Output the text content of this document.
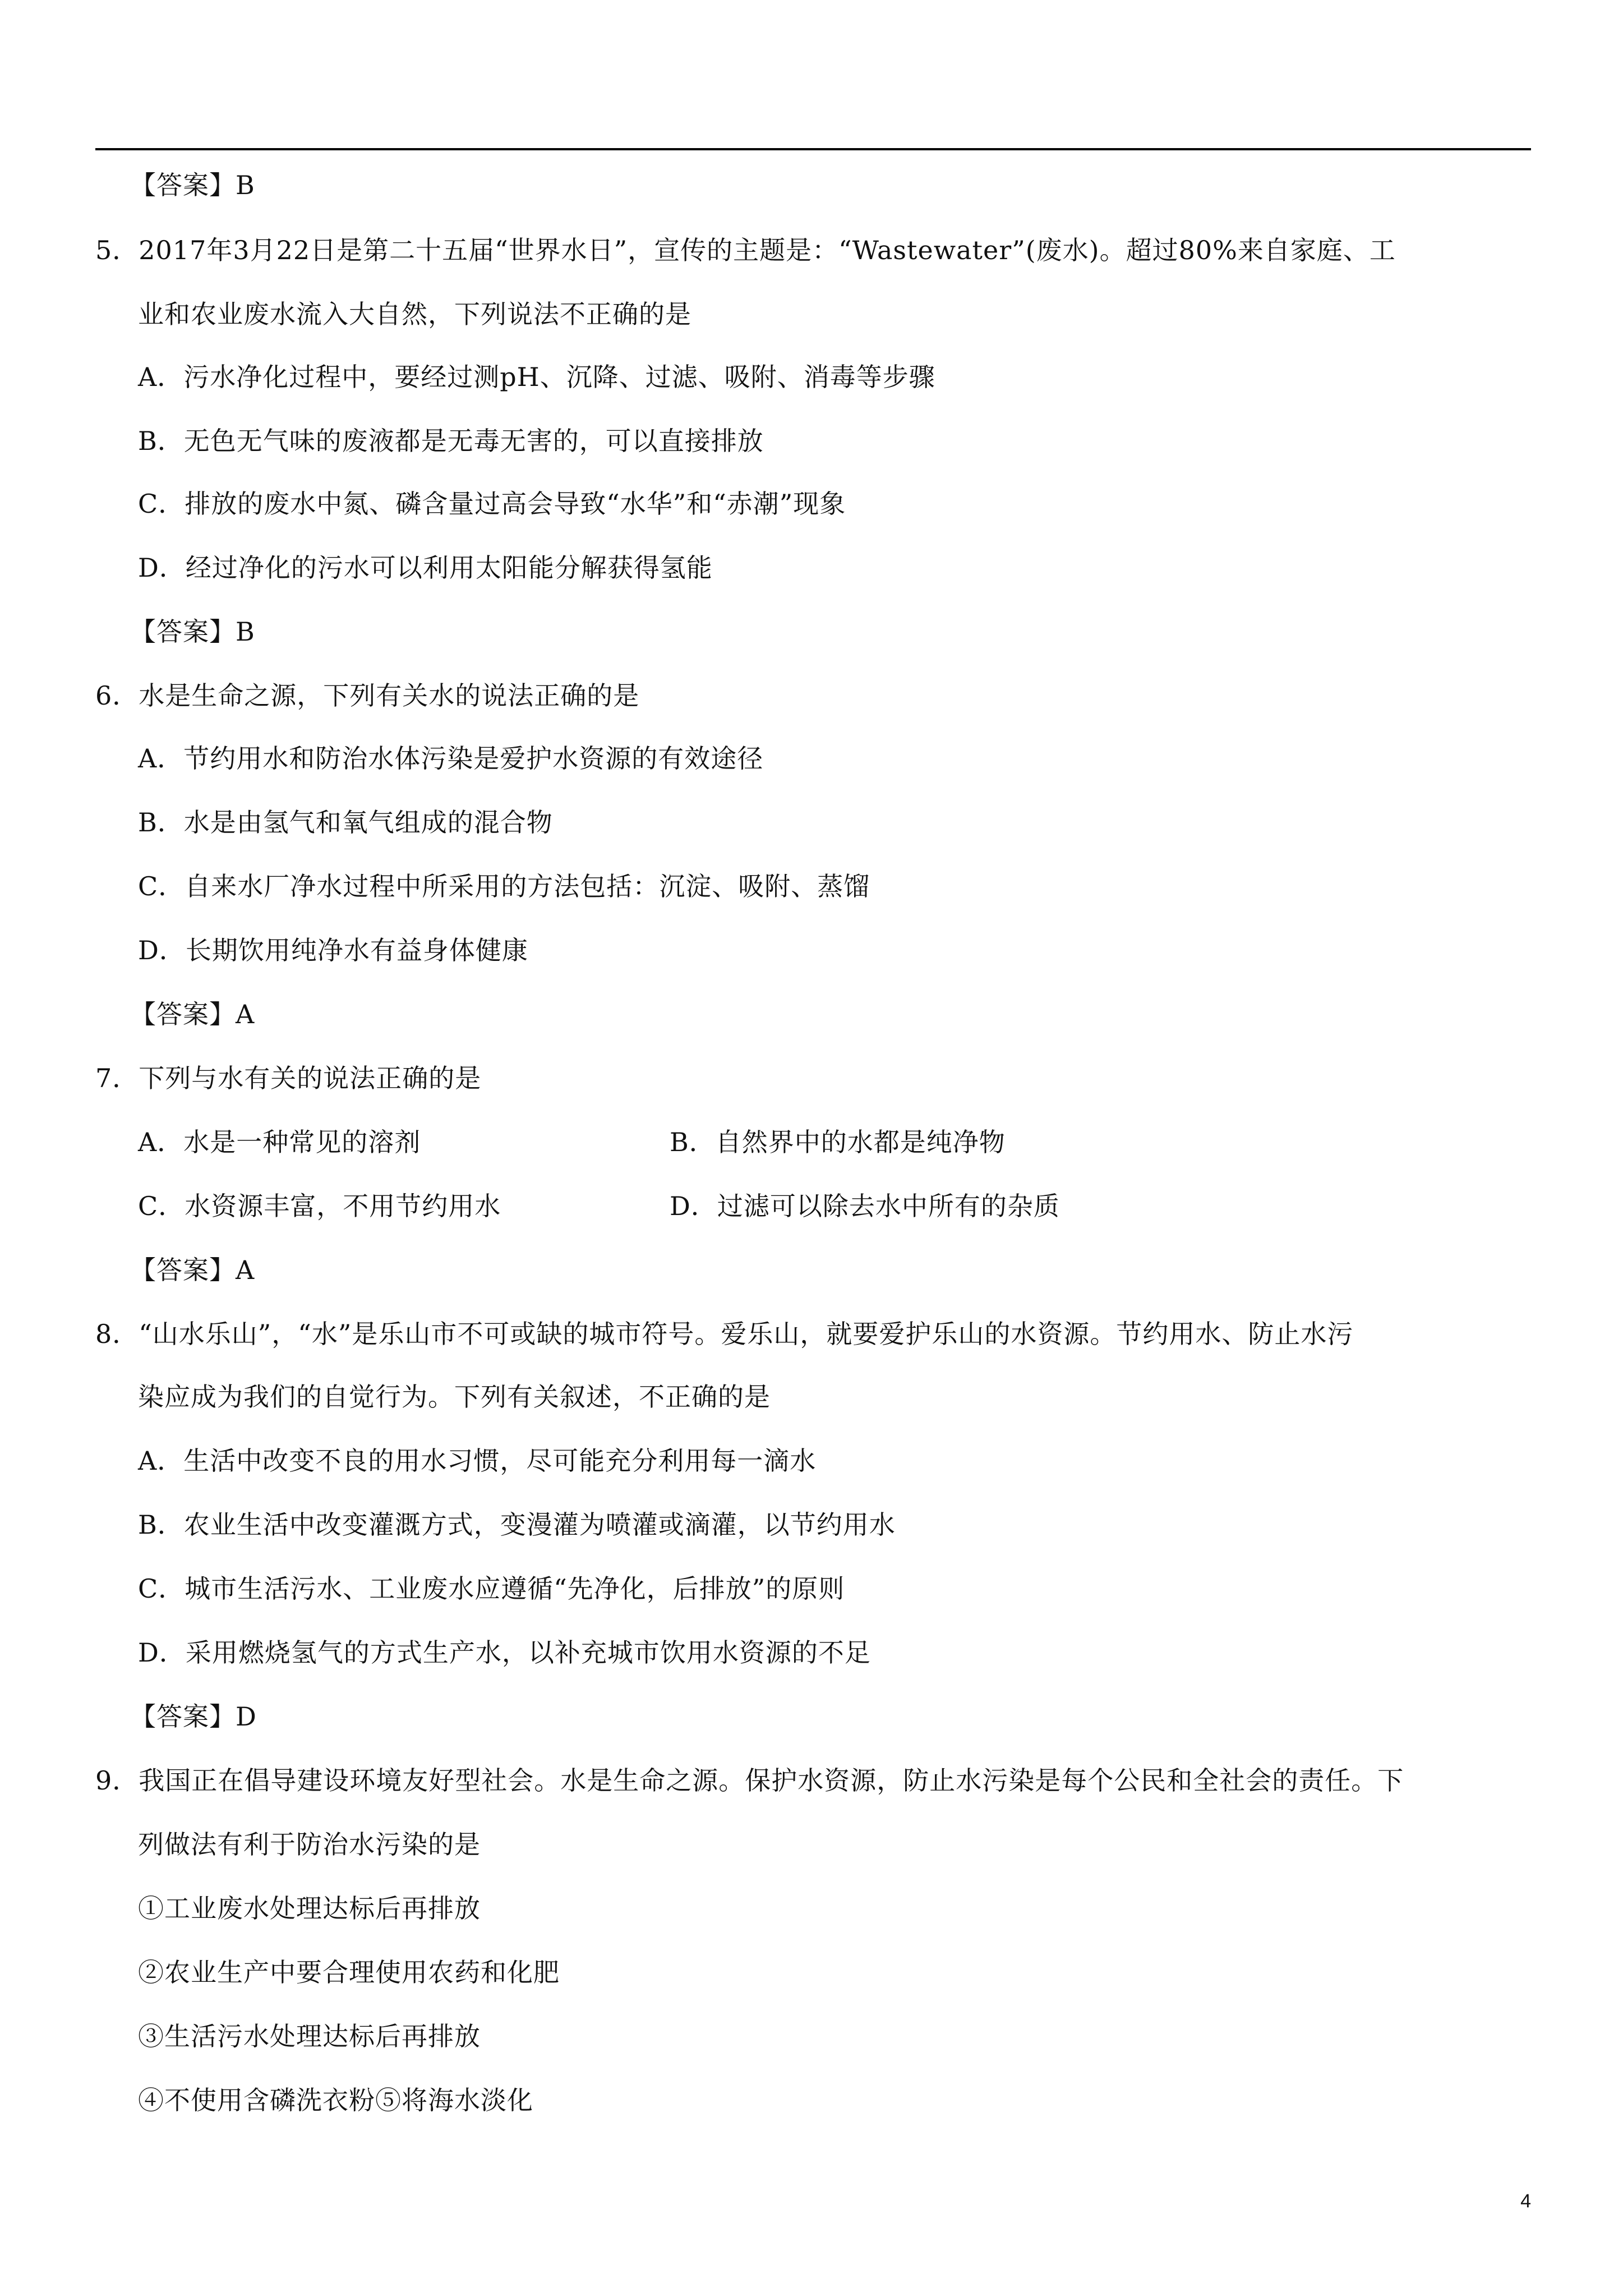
【答案】B
5．2017年3月22日是第二十五届“世界水日”，宣传的主题是：“Wastewater”(废水)。超过80%来自家庭、工
业和农业废水流入大自然，下列说法不正确的是
A．污水净化过程中，要经过测pH、沉降、过滤、吸附、消毒等步骤
B．无色无气味的废液都是无毒无害的，可以直接排放
C．排放的废水中氮、磷含量过高会导致“水华”和“赤潮”现象
D．经过净化的污水可以利用太阳能分解获得氢能
【答案】B
6．水是生命之源，下列有关水的说法正确的是
A．节约用水和防治水体污染是爱护水资源的有效途径
B．水是由氢气和氧气组成的混合物
C．自来水厂净水过程中所采用的方法包括：沉淀、吸附、蒸馏
D．长期饮用纯净水有益身体健康
【答案】A
7．下列与水有关的说法正确的是
A．水是一种常见的溶剂	B．自然界中的水都是纯净物
C．水资源丰富，不用节约用水	D．过滤可以除去水中所有的杂质
【答案】A
8．“山水乐山”，“水”是乐山市不可或缺的城市符号。爱乐山，就要爱护乐山的水资源。节约用水、防止水污
染应成为我们的自觉行为。下列有关叙述，不正确的是
A．生活中改变不良的用水习惯，尽可能充分利用每一滴水
B．农业生活中改变灌溉方式，变漫灌为喷灌或滴灌，以节约用水
C．城市生活污水、工业废水应遵循“先净化，后排放”的原则
D．采用燃烧氢气的方式生产水，以补充城市饮用水资源的不足
【答案】D
9．我国正在倡导建设环境友好型社会。水是生命之源。保护水资源，防止水污染是每个公民和全社会的责任。下
列做法有利于防治水污染的是
①工业废水处理达标后再排放
②农业生产中要合理使用农药和化肥
③生活污水处理达标后再排放
④不使用含磷洗衣粉⑤将海水淡化
4
